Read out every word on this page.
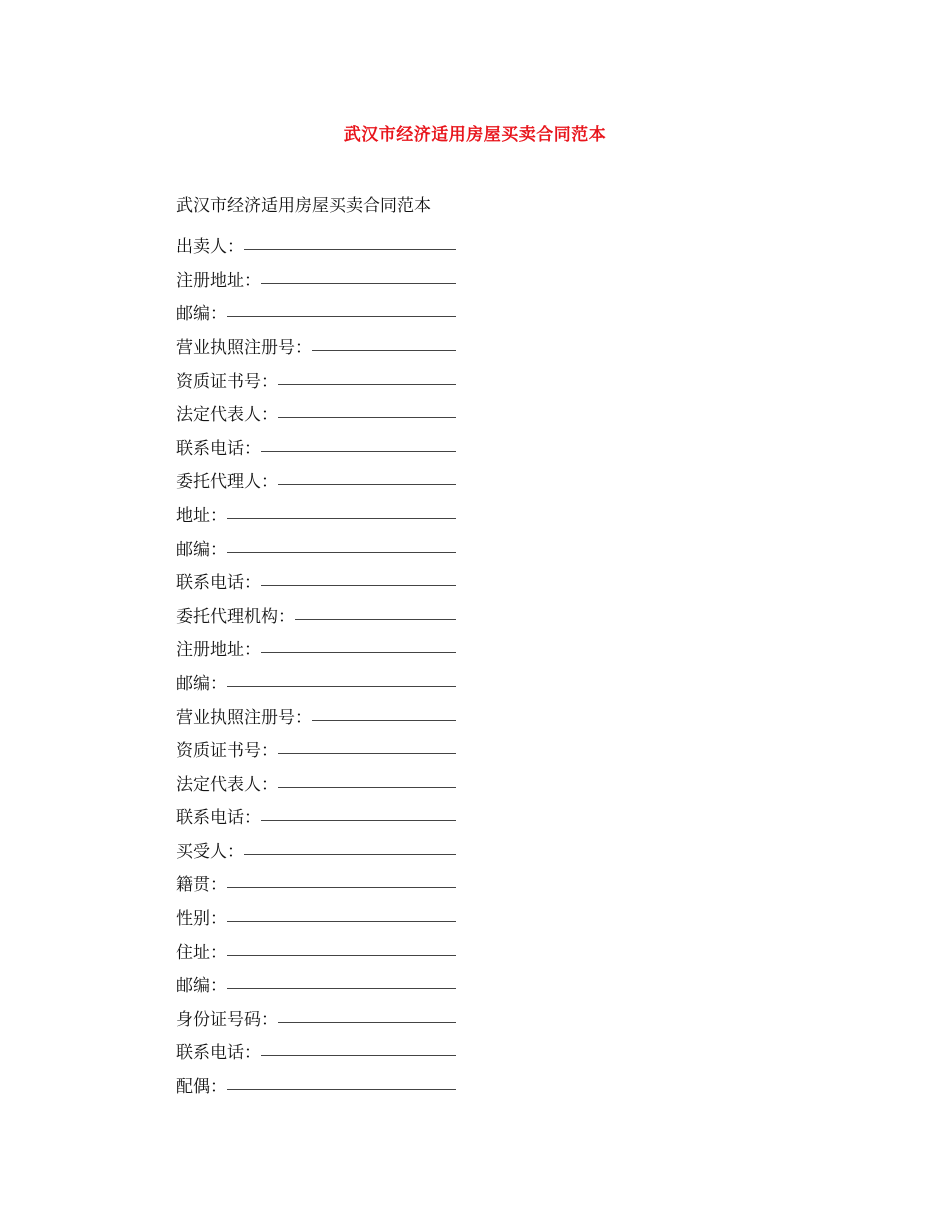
武汉市经济适用房屋买卖合同范本
武汉市经济适用房屋买卖合同范本
出卖人：
注册地址：
邮编：
营业执照注册号：
资质证书号：
法定代表人：
联系电话：
委托代理人：
地址：
邮编：
联系电话：
委托代理机构：
注册地址：
邮编：
营业执照注册号：
资质证书号：
法定代表人：
联系电话：
买受人：
籍贯：
性别：
住址：
邮编：
身份证号码：
联系电话：
配偶：
